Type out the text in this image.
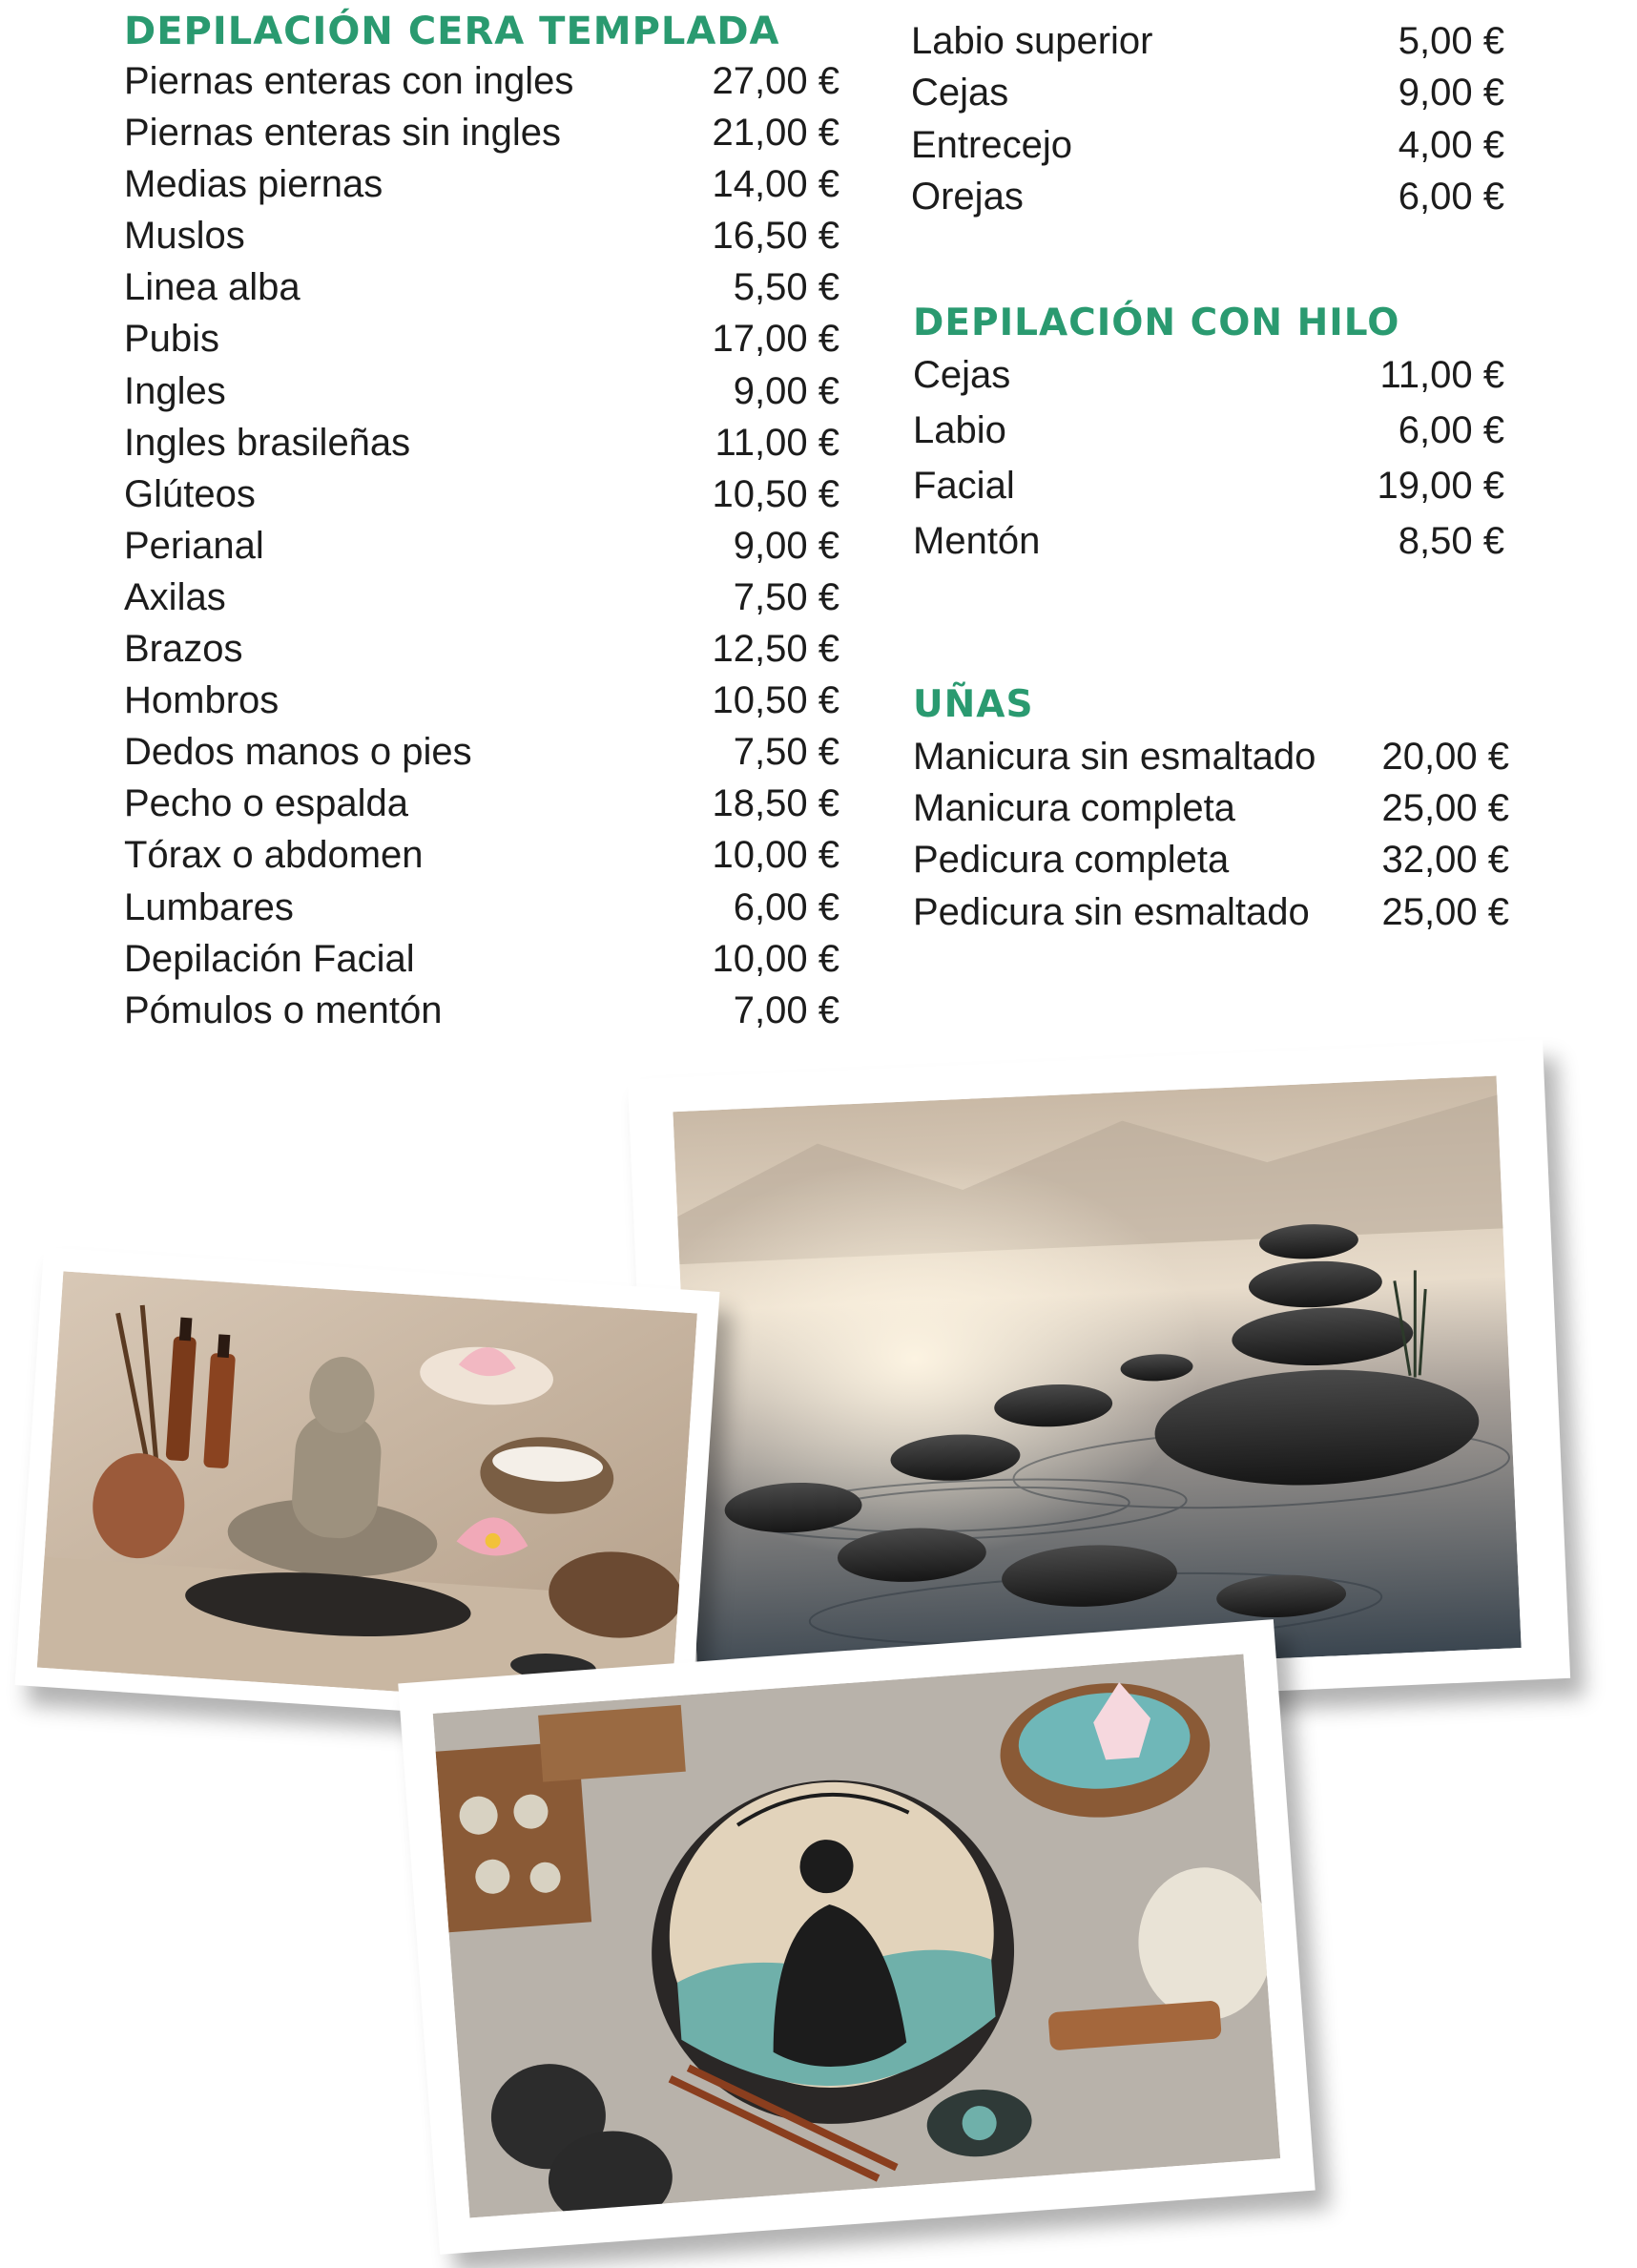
DEPILACIÓN CERA TEMPLADA
Piernas enteras con ingles	27,00 €
Piernas enteras sin ingles	21,00 €
Medias piernas	14,00 €
Muslos	16,50 €
Linea alba	5,50 €
Pubis	17,00 €
Ingles	9,00 €
Ingles brasileñas	11,00 €
Glúteos	10,50 €
Perianal	9,00 €
Axilas	7,50 €
Brazos	12,50 €
Hombros	10,50 €
Dedos manos o pies	7,50 €
Pecho o espalda	18,50 €
Tórax o abdomen	10,00 €
Lumbares	6,00 €
Depilación Facial	10,00 €
Pómulos o mentón	7,00 €
Labio superior	5,00 €
Cejas	9,00 €
Entrecejo	4,00 €
Orejas	6,00 €
DEPILACIÓN CON HILO
Cejas	11,00 €
Labio	6,00 €
Facial	19,00 €
Mentón	8,50 €
UÑAS
Manicura sin esmaltado 20,00 €
Manicura completa	25,00 €
Pedicura completa	32,00 €
Pedicura sin esmaltado 25,00 €
